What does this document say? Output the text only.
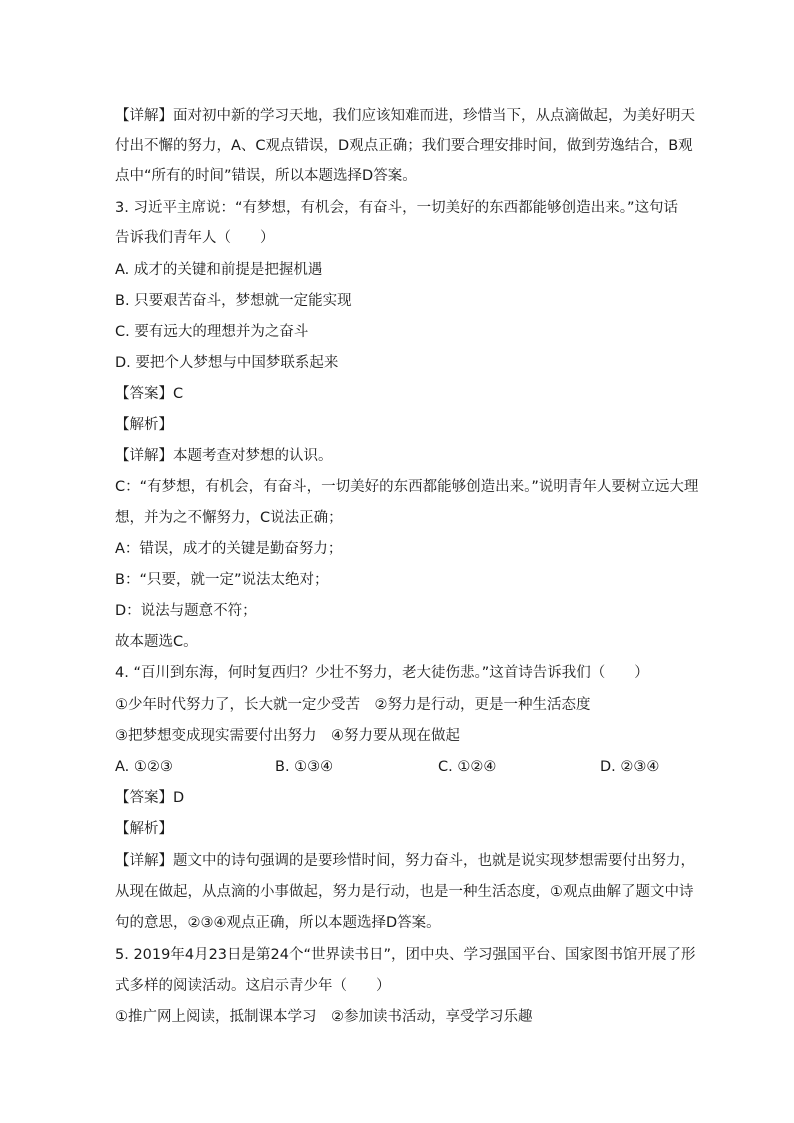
【详解】面对初中新的学习天地，我们应该知难而进，珍惜当下，从点滴做起，为美好明天
付出不懈的努力，A、C观点错误，D观点正确；我们要合理安排时间，做到劳逸结合，B观
点中“所有的时间”错误，所以本题选择D答案。
3. 习近平主席说：“有梦想，有机会，有奋斗，一切美好的东西都能够创造出来。”这句话
告诉我们青年人（　　）
A. 成才的关键和前提是把握机遇
B. 只要艰苦奋斗，梦想就一定能实现
C. 要有远大的理想并为之奋斗
D. 要把个人梦想与中国梦联系起来
【答案】C
【解析】
【详解】本题考查对梦想的认识。
C：“有梦想，有机会，有奋斗，一切美好的东西都能够创造出来。”说明青年人要树立远大理
想，并为之不懈努力，C说法正确；
A：错误，成才的关键是勤奋努力；
B：“只要，就一定”说法太绝对；
D：说法与题意不符；
故本题选C。
4. “百川到东海，何时复西归？少壮不努力，老大徒伤悲。”这首诗告诉我们（　　）
①少年时代努力了，长大就一定少受苦　②努力是行动，更是一种生活态度
③把梦想变成现实需要付出努力　④努力要从现在做起
A. ①②③	B. ①③④	C. ①②④	D. ②③④
【答案】D
【解析】
【详解】题文中的诗句强调的是要珍惜时间，努力奋斗，也就是说实现梦想需要付出努力，
从现在做起，从点滴的小事做起，努力是行动，也是一种生活态度，①观点曲解了题文中诗
句的意思，②③④观点正确，所以本题选择D答案。
5. 2019年4月23日是第24个“世界读书日”，团中央、学习强国平台、国家图书馆开展了形
式多样的阅读活动。这启示青少年（　　）
①推广网上阅读，抵制课本学习　②参加读书活动，享受学习乐趣
